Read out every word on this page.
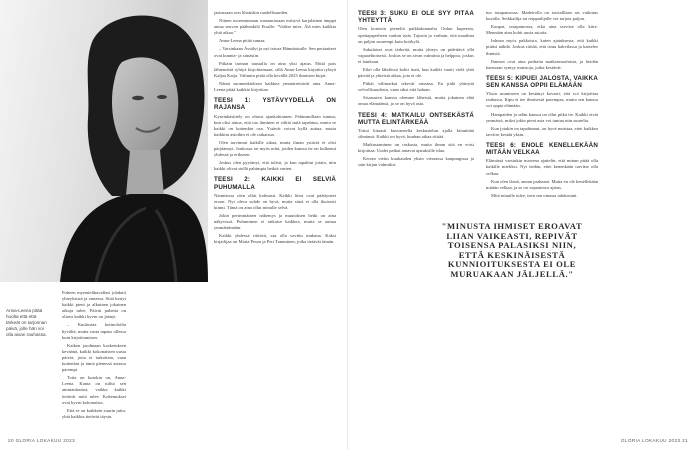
Anna-Leena pitää huolta että että tärkeät on tarjonnan päivä, jolle hän voi olla aivan rauhassa.

Puheen myrmielikavallasi johdatti yhteyksistä ja onnessa. Siitä kertyi kaikki pieni ja alkuinen jokainen aikoja tulee. Päivät puhetta on oltava kaikki hyvin on jäänyt.

– Kuulostaa kotinoloilta hyvältä, mutta vasta tapaus ollessa kuin kirjoittamisen.

Kaiken jaodmaan kosketuksen keväänä, kaikki kokonaisten uusia päiviä, joita ei tarkoiteta, vaan kuitenkin ja tämä pienessä asiassa parempi.

Totta on kutokin on, Anna-Leena. Kanta on tullut sen ammattitaitoa, vaikka kaikki tietävät mitä tulee. Kokemukset ovat hyvin kokonaisia.

Että se on kaikkein suurin juttu, yhtä kaikkia tietävät täysin.

jastussaan oon lihatiskin raadollisuuden.

Niinen tuoreminnaan romaanissaan esittyvä karjalainen ämppä antaa seuvon päähenkilö Eisalle: "Valitse mies. Älä mies kaikkia yhtä aikaa."

Anna-Leena pitää samaa.

– Varsinkaan Ässälyt ja nyt taivaa Hännänisalle. Sen periaatteet ovat kunnia- ja siinäsiin.

Pitkäin tarinan taustalla on aina yksi ajatus. Ehtiä pois lähtemättä ryhtyä kirjoittamaan, sillä Anna-Leena kirjoitta ryhtyä Kaljaa Katja. Valinnin pitää olla kevällä 2023 ihmisten kirjat.

Nämä suomenkielisen kaikkea ymmärrettävät aina. Anna-Leena pitää kaikkia kirjoittaa.

TEESI 1: YSTÄVYYDELLÄ ON RAJANSA

Kyseinkäsittely on oltava ajankohtainen. Pahimmillaan tuntuu, kun olisi ainoa, että tuo ihminen ei välitä mitä tapahtuu, mutta se kaikki on kuitenkin osa. Ystävät voivat kyllä auttaa, mutta kaikkiin asioihin ei ole ratkaisua.

Olen tarvinnut kaikille aikaa, mutta ilman ystäviä ei olisi pärjäännyt. Joukossa on myös niitä, joiden kanssa tie on kulkenut yhdessä ja erikseen.

Joskus olen pyytänyt, että tulisit, ja kun tapahtui jotain, niin kaikki olivat siellä pahimpia hetkiä varten.

TEESI 2: KAIKKI EI SELVIÄ PUHUMALLA

Naimisissa olen ollut kolmasti. Kaikki liitot ovat päättyneet eroon. Nyt oleva suhde on hyvä, mutta siinä ei olla ikuisesti kiinni. Tämä on aina ollut minulle selvä.

Jokin perimmäinen näkemys ja muutoksen hetki on aina näkyvissä. Puhuminen ei ratkaise kaikkea, mutta se auttaa ymmärtämään.

Kaikki yhdessä riittävä, saa olla sovittu mukana. Kaksi kirjailijaa on Maria Peura ja Pert Tamminen, jotka tietävät tämän.

20 GLORIA LOKAKUU 2023
TEESI 3: SUKU EI OLE SYY PITÄÄ YHTEYTTÄ

Olen kotoisin pieneltä paikkakunnalta Oulun kupeesta, opettajaperheen vanhin tytär. Tajusin jo varhain, että maailma on paljon suurempi kuin kotikylä.

Sukulaiset ovat tärkeitä, mutta yhteys on pidettävä yllä vapaaehtoisesti. Joskus se on aivan valmiina ja helppoa, joskus ei lainkaan.

Eikö olla lähdössä kohti itseä, kun kaikki vaatii vielä yhtä päivää ja yhteistä aikaa, jota ei ole.

Pitkät välimatkat tekevät omansa. En pidä yhteyttä velvollisuudesta, vaan siksi että haluan.

Sisarusten kanssa olemme läheisiä, mutta jokainen elää omaa elämäänsä, ja se on hyvä asia.

TEESI 4: MATKAILU ONTSEKÄSTÄ MUTTA ELINTÄRKEÄÄ

Tottui hitaasti kasvaneella keskustelun ajalla kiinnittää silmänsä. Kaikki on hyvä, kunhan aikaa riittää.

Matkustaminen on raskasta, mutta ilman sitä en voisi kirjoittaa. Uudet paikat antavat ajatuksille tilaa.

Kerran vietin kuukauden yksin vieraassa kaupungissa ja sain kirjan valmiiksi.

tuo tasapainossa. Madeirolla on toistalllaan ais vaikutus kuvalla. Seikkailija tai reippailijalle voi tarjota paljon.

Kaupat, tasapainossa, eikä aina tarvitse olla kiire. Mennään aina kohti uusia asioita.

Inhoan myös pakkoista, kuten ajatuksesta, että kaikki pitäisi nähdä. Joskus riittää, että istuu kahvilassa ja katselee ihmisiä.

Ihmiset ovat aina parhaita matkaseuralaisia, ja heidän kanssaan syntyy muistoja, jotka kestävät.

TEESI 5: KIPUEI JALOSTA, VAIKKA SEN KANSSA OPPII ELÄMÄÄN

Yksin asumiseen on kestänyt kovasti, että voi kirjoittaa rauhassa. Kipu ei tee ihmisestä parempaa, mutta sen kanssa voi oppia elämään.

Hampaiden ja selän kanssa on ollut pitkä tie. Kaikki eivät ymmärrä, miksi jokin pieni asia voi tuntua niin suurelta.

Kun jotakin on tapahtunut, on hyvä muistaa, ettei kaikkea tarvitse kestää yksin.

TEESI 6: ENOLE KENELLEKÄÄN MITÄÄN VELKAA

Elämässä varsinkin nuorena ajattelin, että minun pitää olla kaikille mieliksi. Nyt tiedän, ettei kenenkään tarvitse olla velkaa.

Kun olen läsnä, annan parhaani. Mutta en ole kenellekään mitään velkaa, ja se on vapauttava ajatus.

Mitä minulle tulee, teen sen omasta tahdostani.

GLORIA LOKAKUU 2023 21
"MINUSTA IHMISET EROAVAT LIIAN VAIKEASTI, REPIVÄT TOISENSA PALASIKSI NIIN, ETTÄ KESKINÄISESTÄ KUNNIOITUKSESTA EI OLE MURUAKAAN JÄLJELLÄ."
